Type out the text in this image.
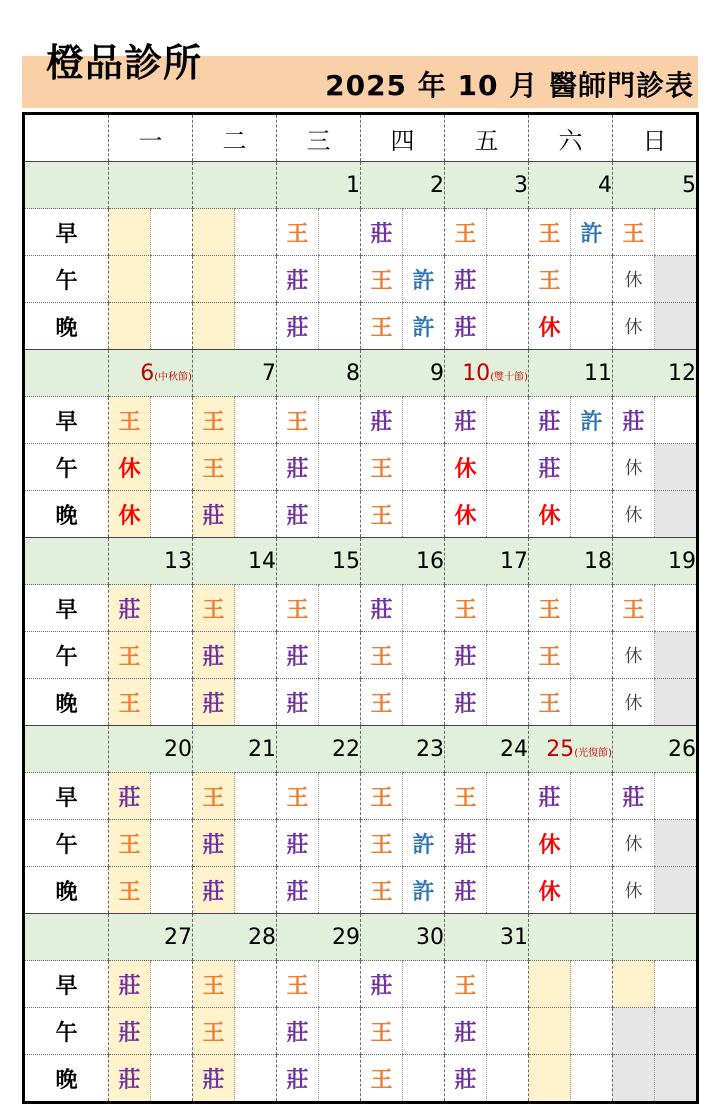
橙品診所
2025 年 10 月 醫師門診表
	一		二		三		四		五		六		日	
					1		2		3		4		5	
早					王		莊		王		王	許	王	
午					莊		王	許	莊		王		休	
晚					莊		王	許	莊		休		休	
	6(中秋節)		7		8		9		10(雙十節)		11		12	
早	王		王		王		莊		莊		莊	許	莊	
午	休		王		莊		王		休		莊		休	
晚	休		莊		莊		王		休		休		休	
	13		14		15		16		17		18		19	
早	莊		王		王		莊		王		王		王	
午	王		莊		莊		王		莊		王		休	
晚	王		莊		莊		王		莊		王		休	
	20		21		22		23		24		25(光復節)		26	
早	莊		王		王		王		王		莊		莊	
午	王		莊		莊		王	許	莊		休		休	
晚	王		莊		莊		王	許	莊		休		休	
	27		28		29		30		31					
早	莊		王		王		莊		王					
午	莊		王		莊		王		莊					
晚	莊		莊		莊		王		莊					
